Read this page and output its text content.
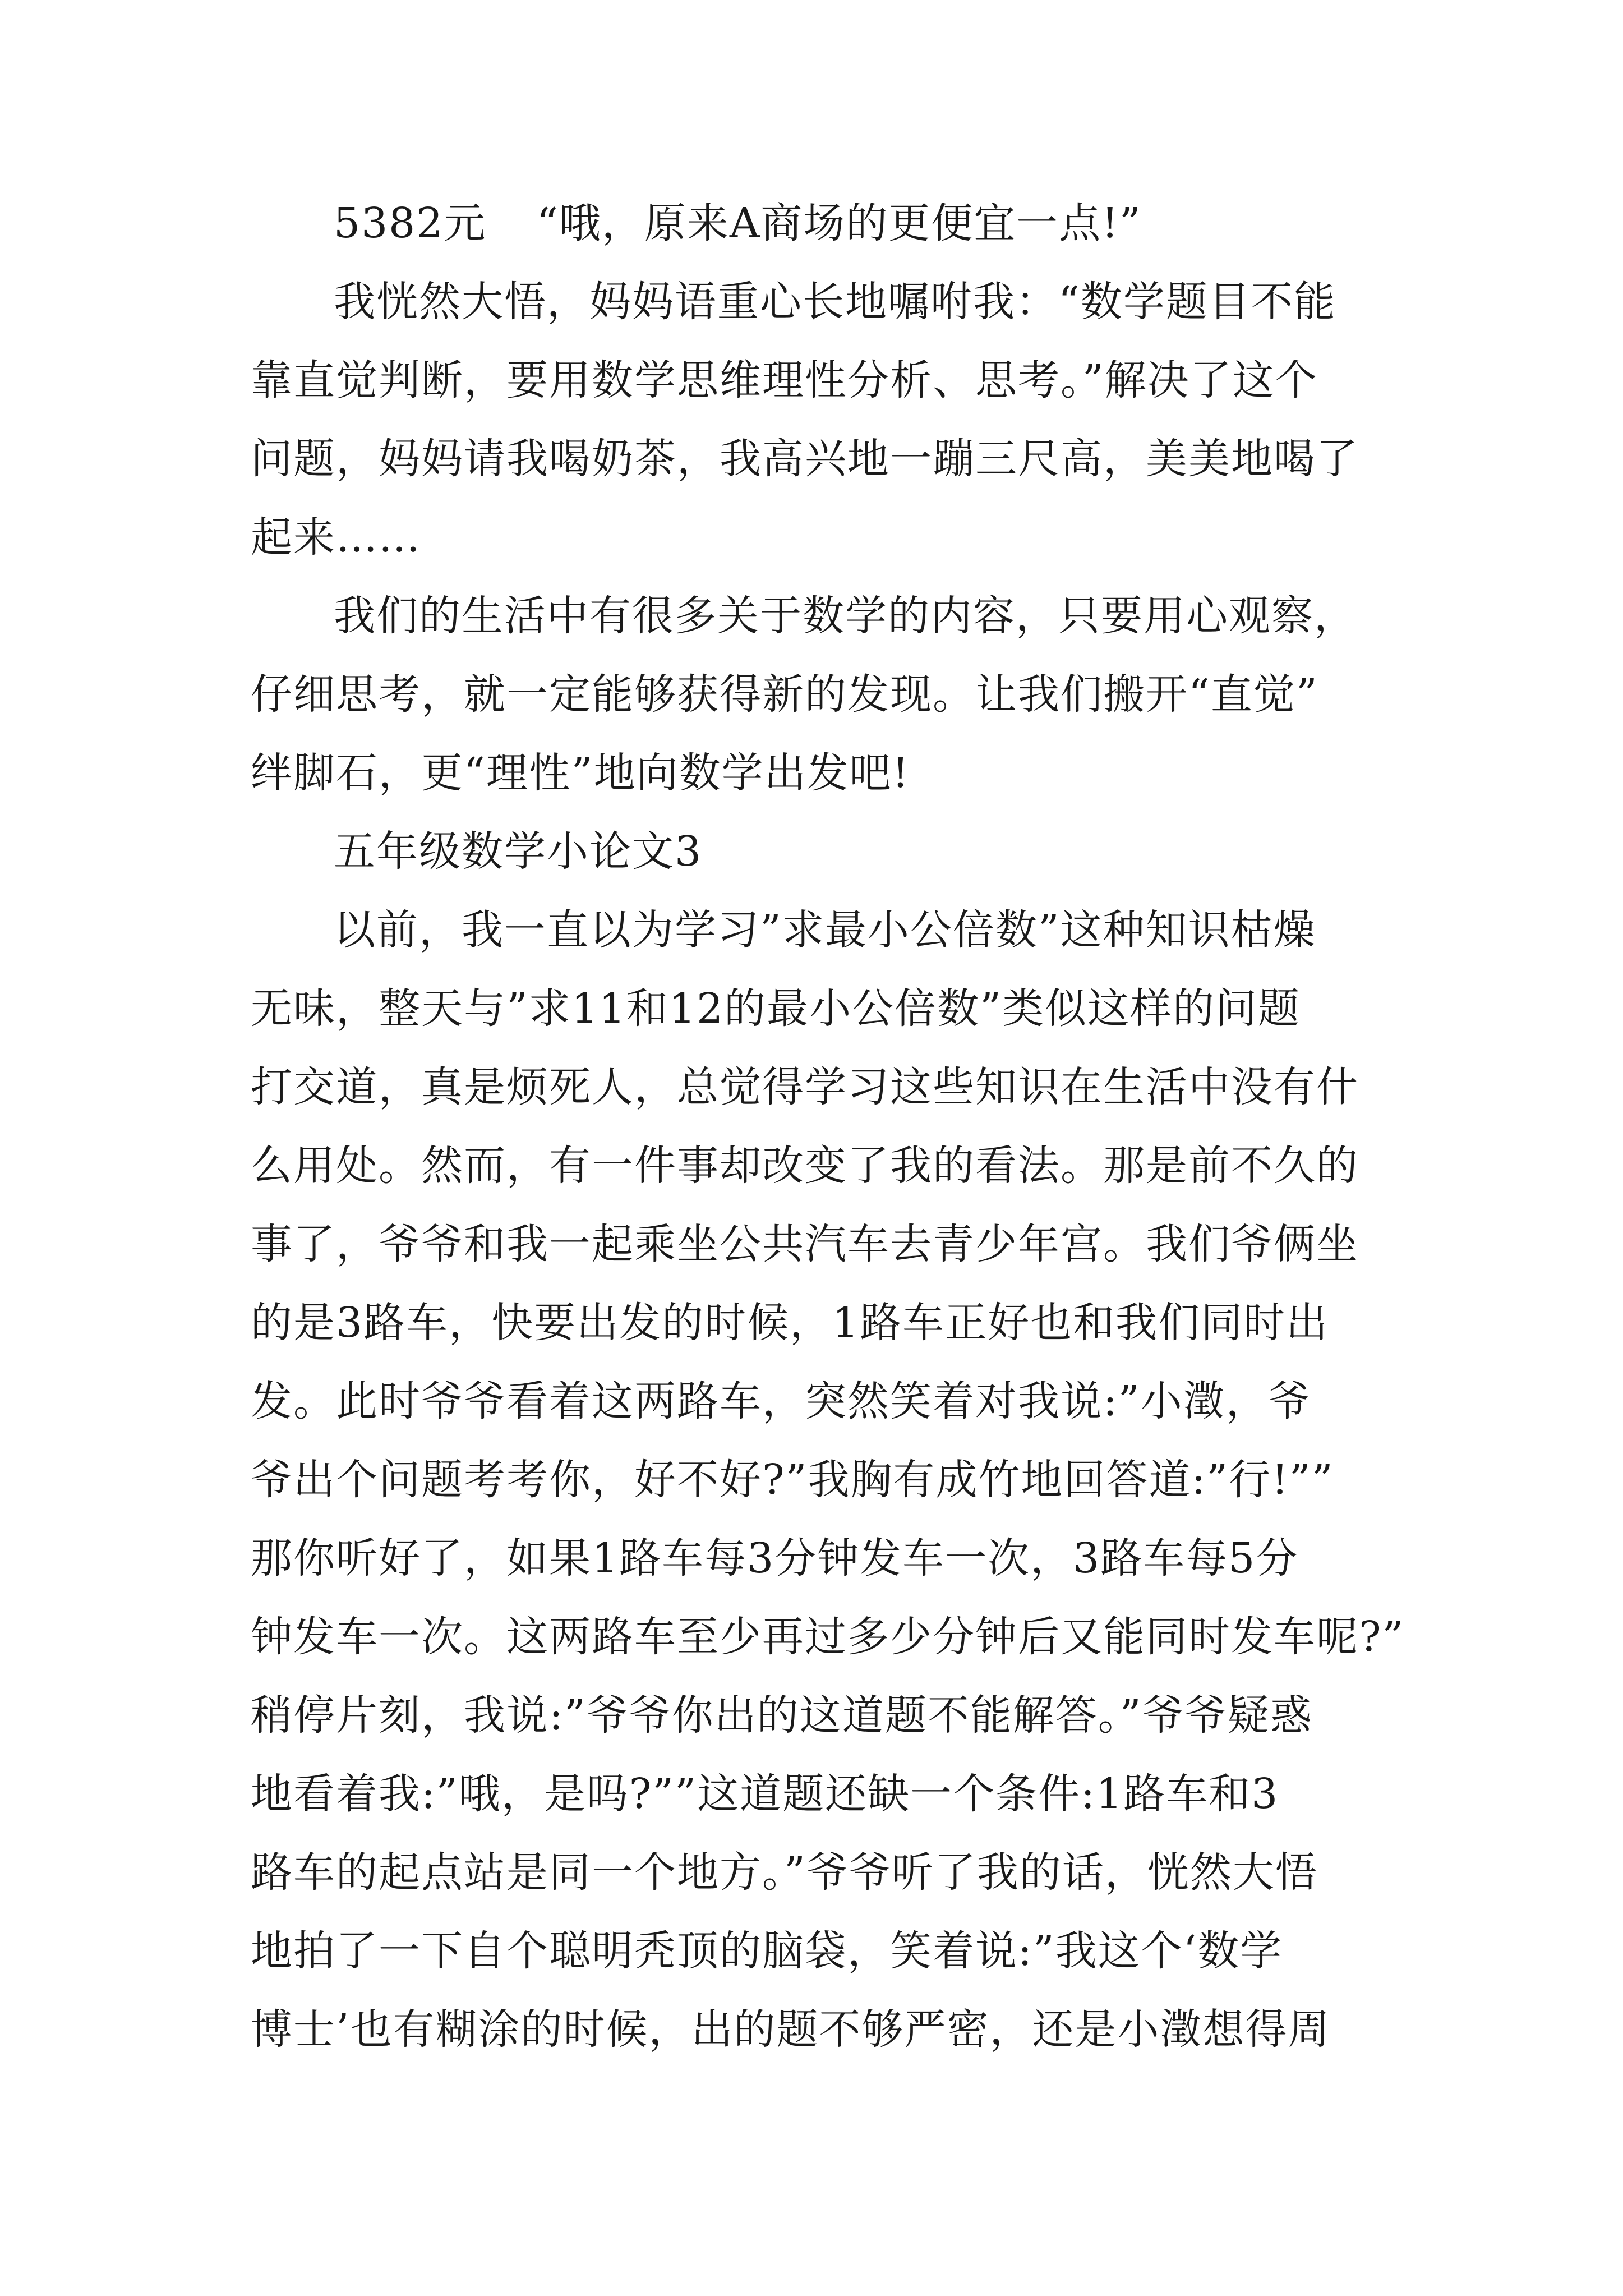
5382元 “哦，原来A商场的更便宜一点!”
我恍然大悟，妈妈语重心长地嘱咐我：“数学题目不能
靠直觉判断，要用数学思维理性分析、思考。”解决了这个
问题，妈妈请我喝奶茶，我高兴地一蹦三尺高，美美地喝了
起来……
我们的生活中有很多关于数学的内容，只要用心观察，
仔细思考，就一定能够获得新的发现。让我们搬开“直觉”
绊脚石，更“理性”地向数学出发吧!
五年级数学小论文3
以前，我一直以为学习”求最小公倍数”这种知识枯燥
无味，整天与”求11和12的最小公倍数”类似这样的问题
打交道，真是烦死人，总觉得学习这些知识在生活中没有什
么用处。然而，有一件事却改变了我的看法。那是前不久的
事了，爷爷和我一起乘坐公共汽车去青少年宫。我们爷俩坐
的是3路车，快要出发的时候，1路车正好也和我们同时出
发。此时爷爷看着这两路车，突然笑着对我说:”小澂，爷
爷出个问题考考你，好不好?”我胸有成竹地回答道:”行!””
那你听好了，如果1路车每3分钟发车一次，3路车每5分
钟发车一次。这两路车至少再过多少分钟后又能同时发车呢?”
稍停片刻，我说:”爷爷你出的这道题不能解答。”爷爷疑惑
地看着我:”哦，是吗?””这道题还缺一个条件:1路车和3
路车的起点站是同一个地方。”爷爷听了我的话，恍然大悟
地拍了一下自个聪明秃顶的脑袋，笑着说:”我这个‘数学
博士’也有糊涂的时候，出的题不够严密，还是小澂想得周
